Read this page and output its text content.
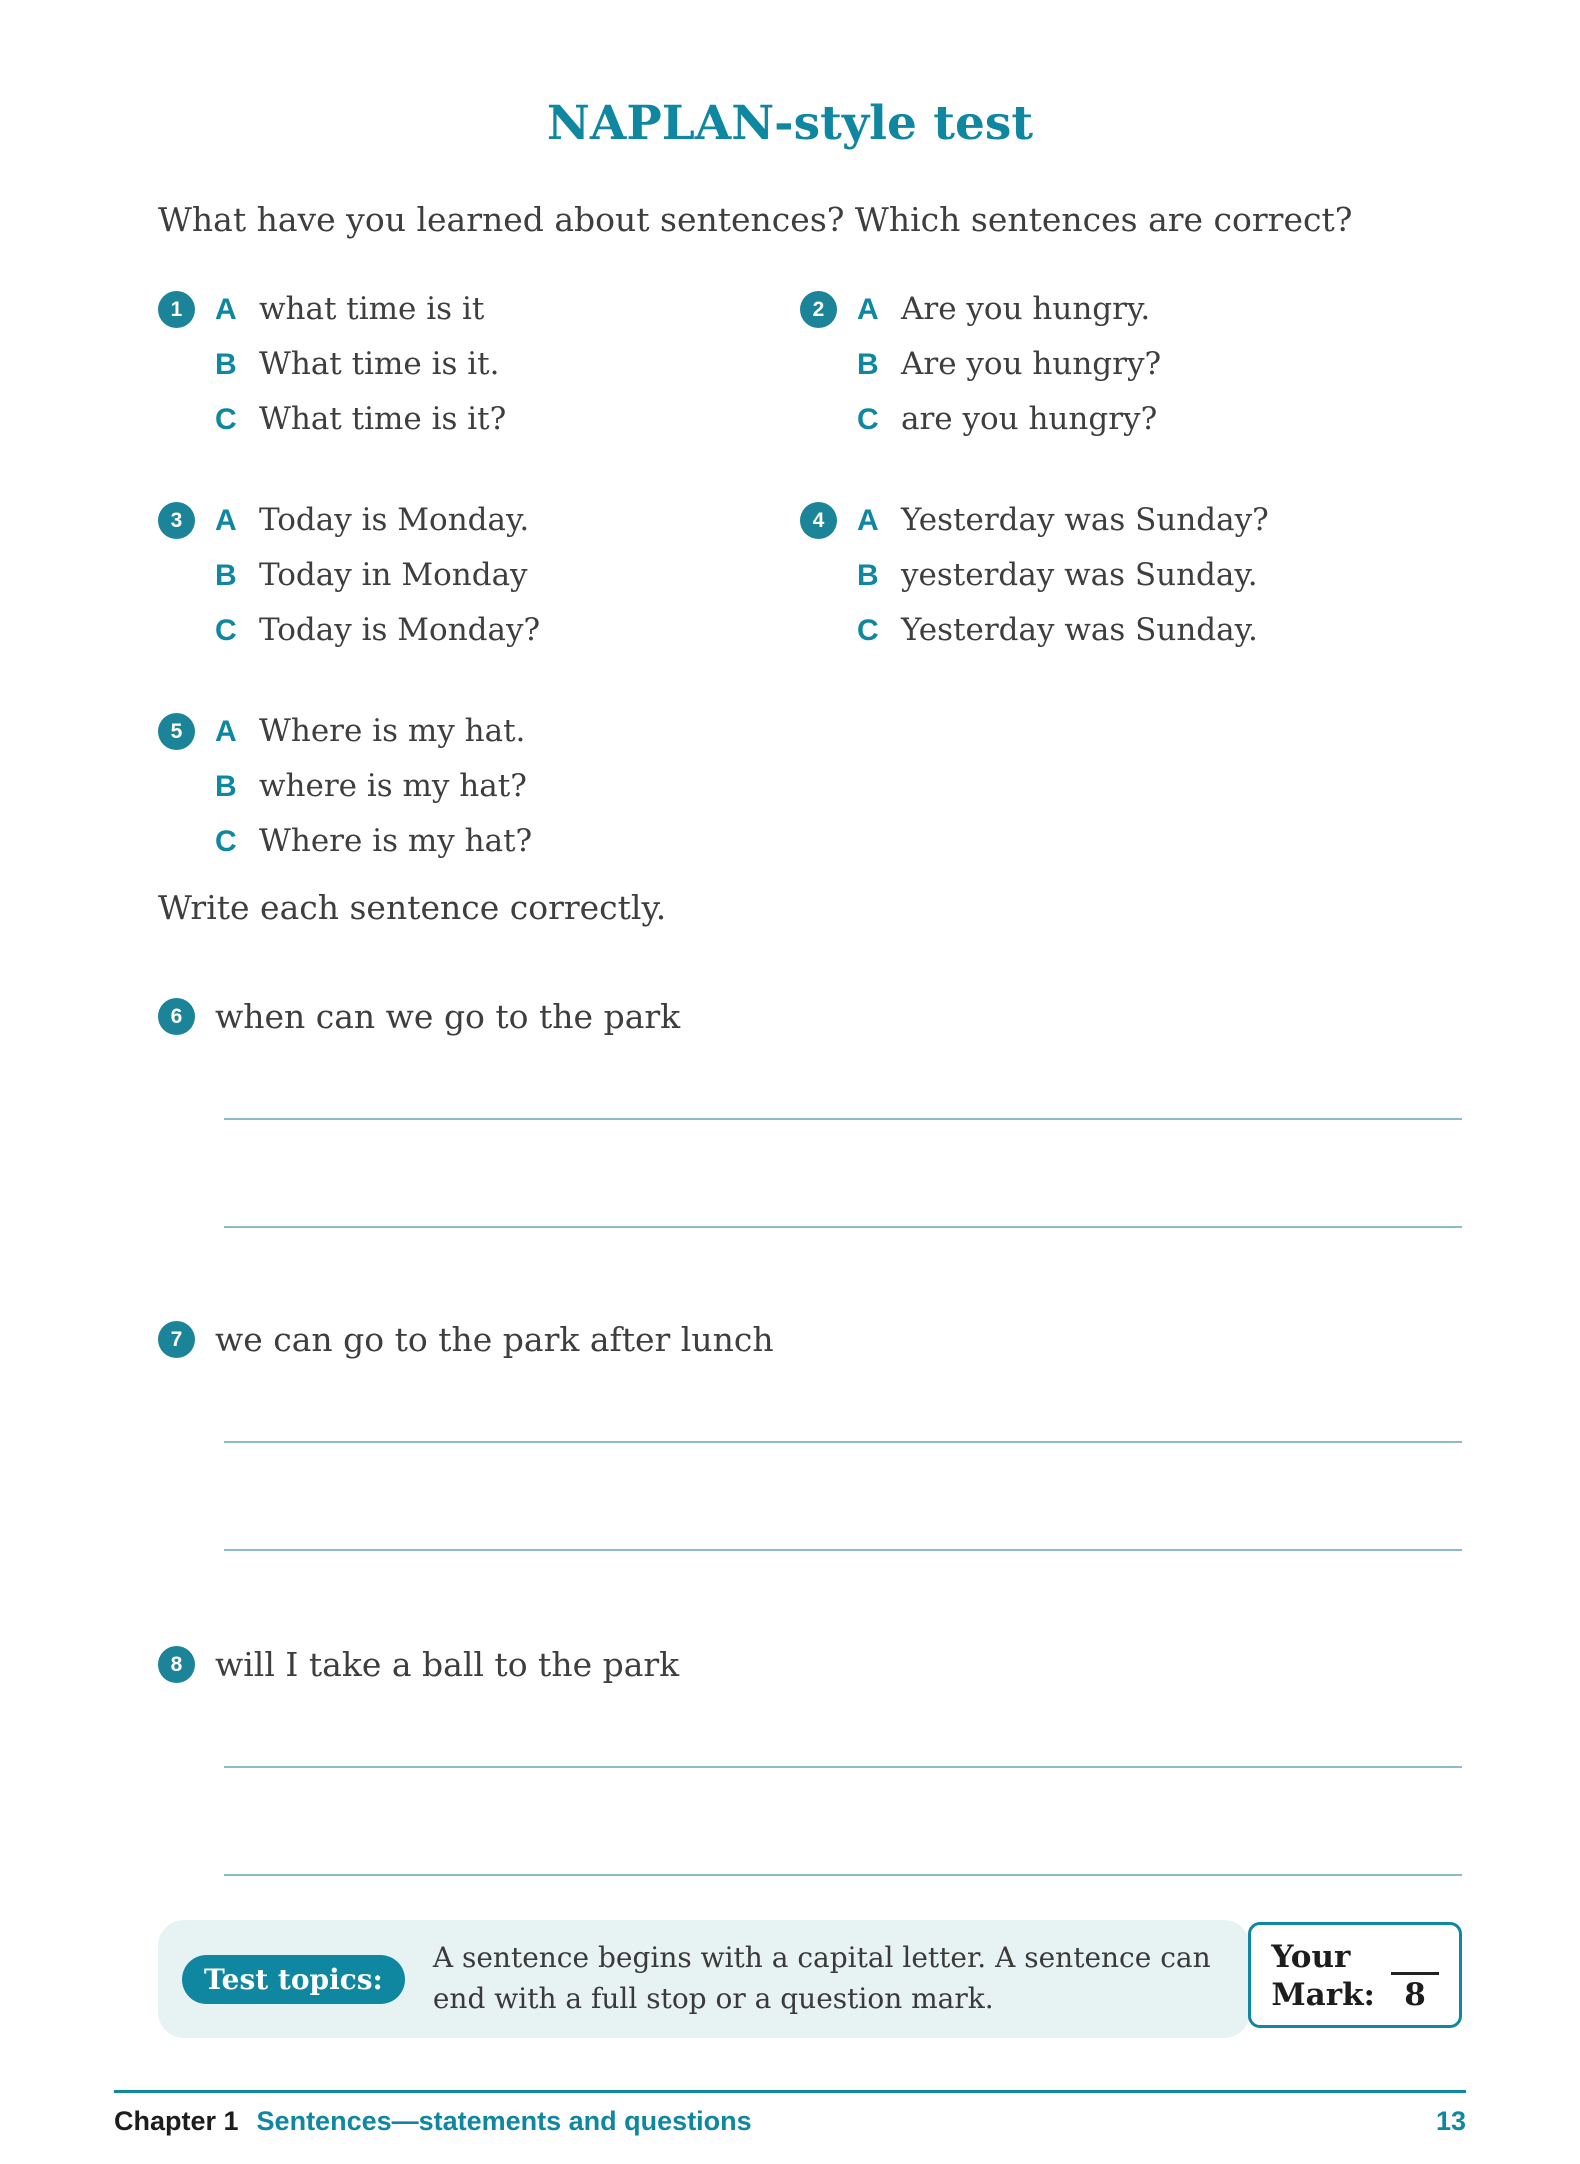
NAPLAN-style test

What have you learned about sentences? Which sentences are correct?

1	A what time is it
B What time is it.
C What time is it?
2	A Are you hungry.
B Are you hungry?
C are you hungry?
3	A Today is Monday.
B Today in Monday
C Today is Monday?
4	A Yesterday was Sunday?
B yesterday was Sunday.
C Yesterday was Sunday.
5	A Where is my hat.
B where is my hat?
C Where is my hat?

Write each sentence correctly.

6 when can we go to the park
7 we can go to the park after lunch
8 will I take a ball to the park
Test topics:
A sentence begins with a capital letter. A sentence can end with a full stop or a question mark.
Your
Mark: 8
Chapter 1 Sentences—statements and questions	13
